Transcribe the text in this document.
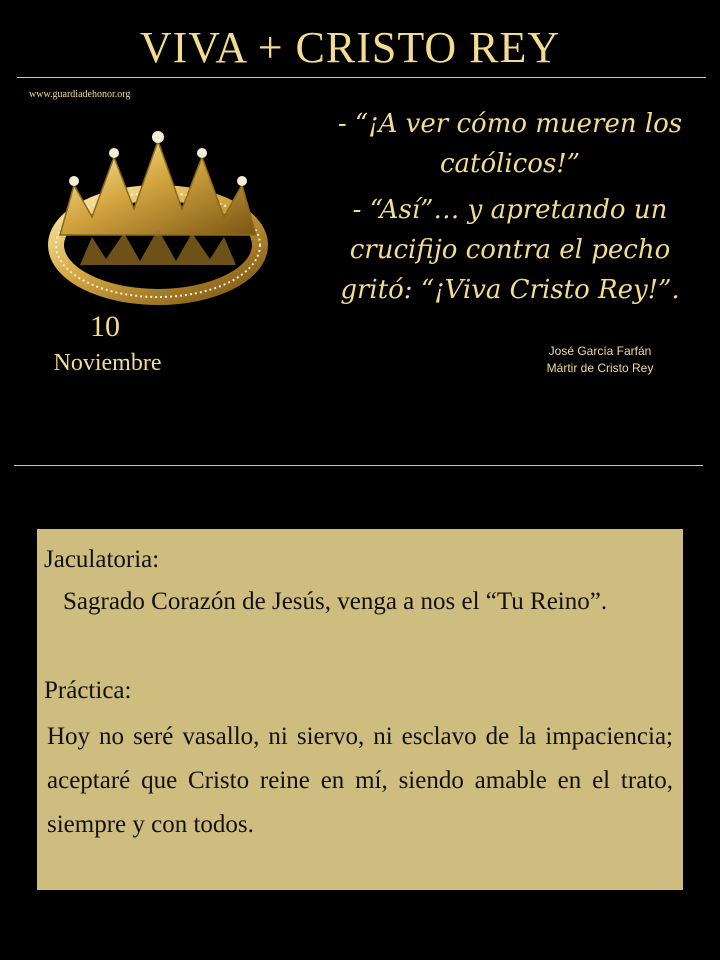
VIVA + CRISTO REY
www.guardiadehonor.org
10
Noviembre

- “¡A ver cómo mueren los católicos!”

- “Así”… y apretando un crucifijo contra el pecho gritó: “¡Viva Cristo Rey!”.

José García Farfán
Mártir de Cristo Rey
Jaculatoria:
Sagrado Corazón de Jesús, venga a nos el “Tu Reino”.
Práctica:
Hoy no seré vasallo, ni siervo, ni esclavo de la impaciencia; aceptaré que Cristo reine en mí, siendo amable en el trato, siempre y con todos.
